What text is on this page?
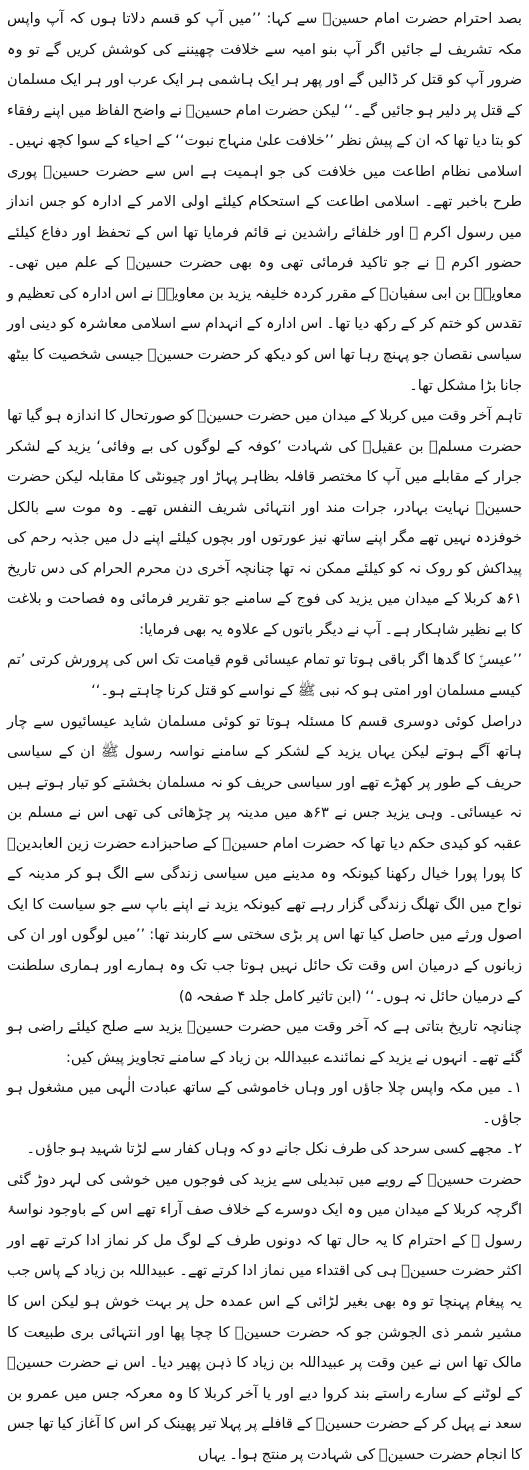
بصد احترام حضرت امام حسینؓ سے کہا: ’’میں آپ کو قسم دلاتا ہوں کہ آپ واپس مکہ تشریف لے جائیں اگر آپ بنو امیہ سے خلافت چھیننے کی کوشش کریں گے تو وہ ضرور آپ کو قتل کر ڈالیں گے اور پھر ہر ایک ہاشمی ہر ایک عرب اور ہر ایک مسلمان کے قتل پر دلیر ہو جائیں گے۔‘‘ لیکن حضرت امام حسینؓ نے واضح الفاظ میں اپنے رفقاء کو بتا دیا تھا کہ ان کے پیش نظر ’’خلافت علیٰ منہاج نبوت‘‘ کے احیاء کے سوا کچھ نہیں۔ اسلامی نظام اطاعت میں خلافت کی جو اہمیت ہے اس سے حضرت حسینؓ پوری طرح باخبر تھے۔ اسلامی اطاعت کے استحکام کیلئے اولی الامر کے ادارہ کو جس انداز میں رسول اکرم ﷺ اور خلفائے راشدین نے قائم فرمایا تھا اس کے تحفظ اور دفاع کیلئے حضور اکرم ﷺ نے جو تاکید فرمائی تھی وہ بھی حضرت حسینؓ کے علم میں تھی۔ معاویہؓ بن ابی سفیانؓ کے مقرر کردہ خلیفہ یزید بن معاویہؓ نے اس ادارہ کی تعظیم و تقدس کو ختم کر کے رکھ دیا تھا۔ اس ادارہ کے انہدام سے اسلامی معاشرہ کو دینی اور سیاسی نقصان جو پہنچ رہا تھا اس کو دیکھ کر حضرت حسینؓ جیسی شخصیت کا بیٹھ جانا بڑا مشکل تھا۔

تاہم آخر وقت میں کربلا کے میدان میں حضرت حسینؓ کو صورتحال کا اندازہ ہو گیا تھا حضرت مسلمؓ بن عقیلؓ کی شہادت ’کوفہ کے لوگوں کی بے وفائی‘ یزید کے لشکر جرار کے مقابلے میں آپ کا مختصر قافلہ بظاہر پہاڑ اور چیونٹی کا مقابلہ لیکن حضرت حسینؓ نہایت بہادر، جرات مند اور انتہائی شریف النفس تھے۔ وہ موت سے بالکل خوفزدہ نہیں تھے مگر اپنے ساتھ نیز عورتوں اور بچوں کیلئے اپنے دل میں جذبہ رحم کی پیداکش کو روک نہ کو کیلئے ممکن نہ تھا چنانچہ آخری دن محرم الحرام کی دس تاریخ ۶۱ھ کربلا کے میدان میں یزید کی فوج کے سامنے جو تقریر فرمائی وہ فصاحت و بلاغت کا بے نظیر شاہکار ہے۔ آپ نے دیگر باتوں کے علاوہ یہ بھی فرمایا:

’’عیسیٰؑ کا گدھا اگر باقی ہوتا تو تمام عیسائی قوم قیامت تک اس کی پرورش کرتی ’تم کیسے مسلمان اور امتی ہو کہ نبی ﷺ کے نواسے کو قتل کرنا چاہتے ہو۔‘‘

دراصل کوئی دوسری قسم کا مسئلہ ہوتا تو کوئی مسلمان شاید عیسائیوں سے چار ہاتھ آگے ہوتے لیکن یہاں یزید کے لشکر کے سامنے نواسہ رسول ﷺ ان کے سیاسی حریف کے طور پر کھڑے تھے اور سیاسی حریف کو نہ مسلمان بخشتے کو تیار ہوتے ہیں نہ عیسائی۔ وہی یزید جس نے ۶۳ھ میں مدینہ پر چڑھائی کی تھی اس نے مسلم بن عقبہ کو کیدی حکم دیا تھا کہ حضرت امام حسینؓ کے صاحبزادے حضرت زین العابدینؓ کا پورا پورا خیال رکھنا کیونکہ وہ مدینے میں سیاسی زندگی سے الگ ہو کر مدینہ کے نواح میں الگ تھلگ زندگی گزار رہے تھے کیونکہ یزید نے اپنے باپ سے جو سیاست کا ایک اصول ورثے میں حاصل کیا تھا اس پر بڑی سختی سے کاربند تھا: ’’میں لوگوں اور ان کی زبانوں کے درمیان اس وقت تک حائل نہیں ہوتا جب تک وہ ہمارے اور ہماری سلطنت کے درمیان حائل نہ ہوں۔‘‘ (ابن تاثیر کامل جلد ۴ صفحہ ۵)

چنانچہ تاریخ بتاتی ہے کہ آخر وقت میں حضرت حسینؓ یزید سے صلح کیلئے راضی ہو گئے تھے۔ انہوں نے یزید کے نمائندے عبیداللہ بن زیاد کے سامنے تجاویز پیش کیں:

۱۔ میں مکہ واپس چلا جاؤں اور وہاں خاموشی کے ساتھ عبادت الٰہی میں مشغول ہو جاؤں۔
۲۔ مجھے کسی سرحد کی طرف نکل جانے دو کہ وہاں کفار سے لڑتا شہید ہو جاؤں۔

حضرت حسینؓ کے رویے میں تبدیلی سے یزید کی فوجوں میں خوشی کی لہر دوڑ گئی اگرچہ کربلا کے میدان میں وہ ایک دوسرے کے خلاف صف آراء تھے اس کے باوجود نواسۂ رسول ﷺ کے احترام کا یہ حال تھا کہ دونوں طرف کے لوگ مل کر نماز ادا کرتے تھے اور اکثر حضرت حسینؓ ہی کی اقتداء میں نماز ادا کرتے تھے۔ عبیداللہ بن زیاد کے پاس جب یہ پیغام پہنچا تو وہ بھی بغیر لڑائی کے اس عمدہ حل پر بہت خوش ہو لیکن اس کا مشیر شمر ذی الجوشن جو کہ حضرت حسینؓ کا چچا پھا اور انتہائی بری طبیعت کا مالک تھا اس نے عین وقت پر عبیداللہ بن زیاد کا ذہن پھیر دیا۔ اس نے حضرت حسینؓ کے لوٹنے کے سارے راستے بند کروا دیے اور یا آخر کربلا کا وہ معرکہ جس میں عمرو بن سعد نے پہل کر کے حضرت حسینؓ کے قافلے پر پہلا تیر پھینک کر اس کا آغاز کیا تھا جس کا انجام حضرت حسینؓ کی شہادت پر منتج ہوا۔ یہاں
